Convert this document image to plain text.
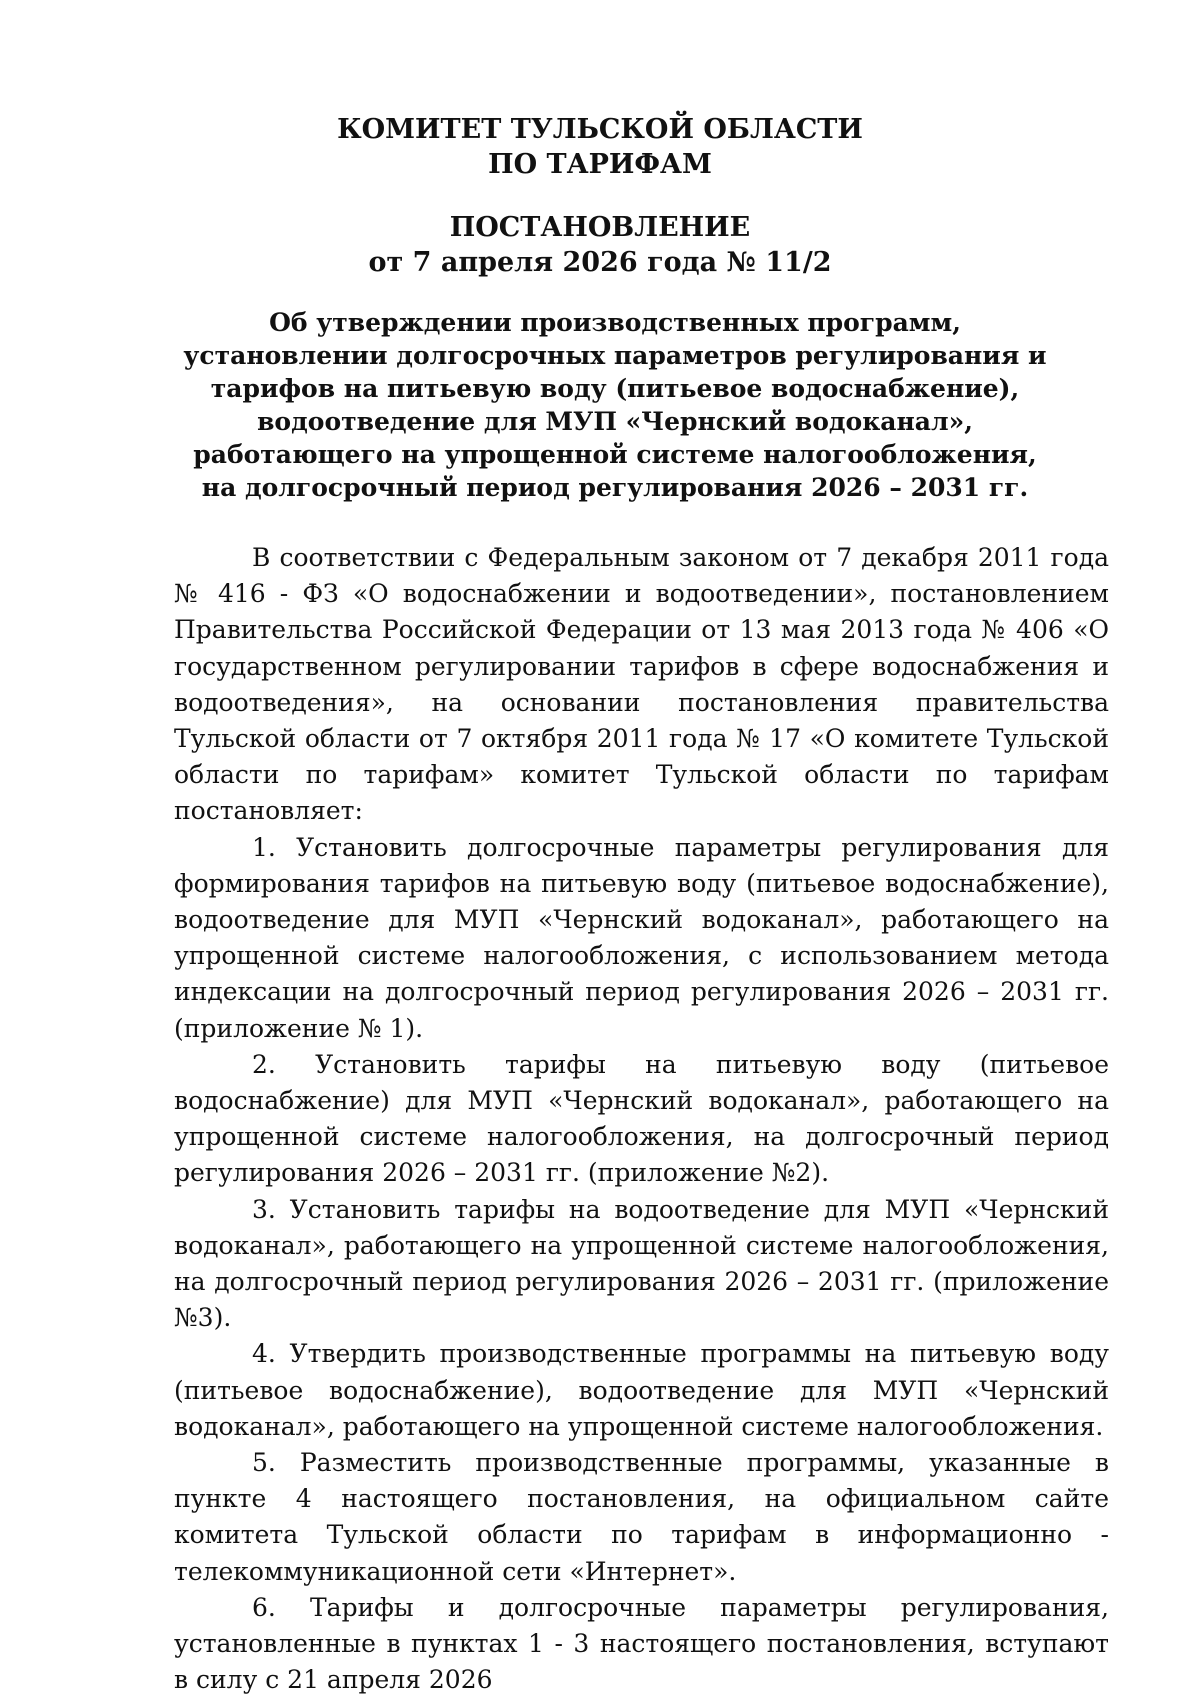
КОМИТЕТ ТУЛЬСКОЙ ОБЛАСТИ
ПО ТАРИФАМ
ПОСТАНОВЛЕНИЕ
от 7 апреля 2026 года № 11/2
Об утверждении производственных программ, установлении долгосрочных параметров регулирования и тарифов на питьевую воду (питьевое водоснабжение), водоотведение для МУП «Чернский водоканал», работающего на упрощенной системе налогообложения, на долгосрочный период регулирования 2026 – 2031 гг.

В соответствии с Федеральным законом от 7 декабря 2011 года № 416 - ФЗ «О водоснабжении и водоотведении», постановлением Правительства Российской Федерации от 13 мая 2013 года № 406 «О государственном регулировании тарифов в сфере водоснабжения и водоотведения», на основании постановления правительства Тульской области от 7 октября 2011 года № 17 «О комитете Тульской области по тарифам» комитет Тульской области по тарифам постановляет:

1. Установить долгосрочные параметры регулирования для формирования тарифов на питьевую воду (питьевое водоснабжение), водоотведение для МУП «Чернский водоканал», работающего на упрощенной системе налогообложения, с использованием метода индексации на долгосрочный период регулирования 2026 – 2031 гг. (приложение № 1).

2. Установить тарифы на питьевую воду (питьевое водоснабжение) для МУП «Чернский водоканал», работающего на упрощенной системе налогообложения, на долгосрочный период регулирования 2026 – 2031 гг. (приложение №2).

3. Установить тарифы на водоотведение для МУП «Чернский водоканал», работающего на упрощенной системе налогообложения, на долгосрочный период регулирования 2026 – 2031 гг. (приложение №3).

4. Утвердить производственные программы на питьевую воду (питьевое водоснабжение), водоотведение для МУП «Чернский водоканал», работающего на упрощенной системе налогообложения.

5. Разместить производственные программы, указанные в пункте 4 настоящего постановления, на официальном сайте комитета Тульской области по тарифам в информационно - телекоммуникационной сети «Интернет».

6. Тарифы и долгосрочные параметры регулирования, установленные в пунктах 1 - 3 настоящего постановления, вступают в силу с 21 апреля 2026
